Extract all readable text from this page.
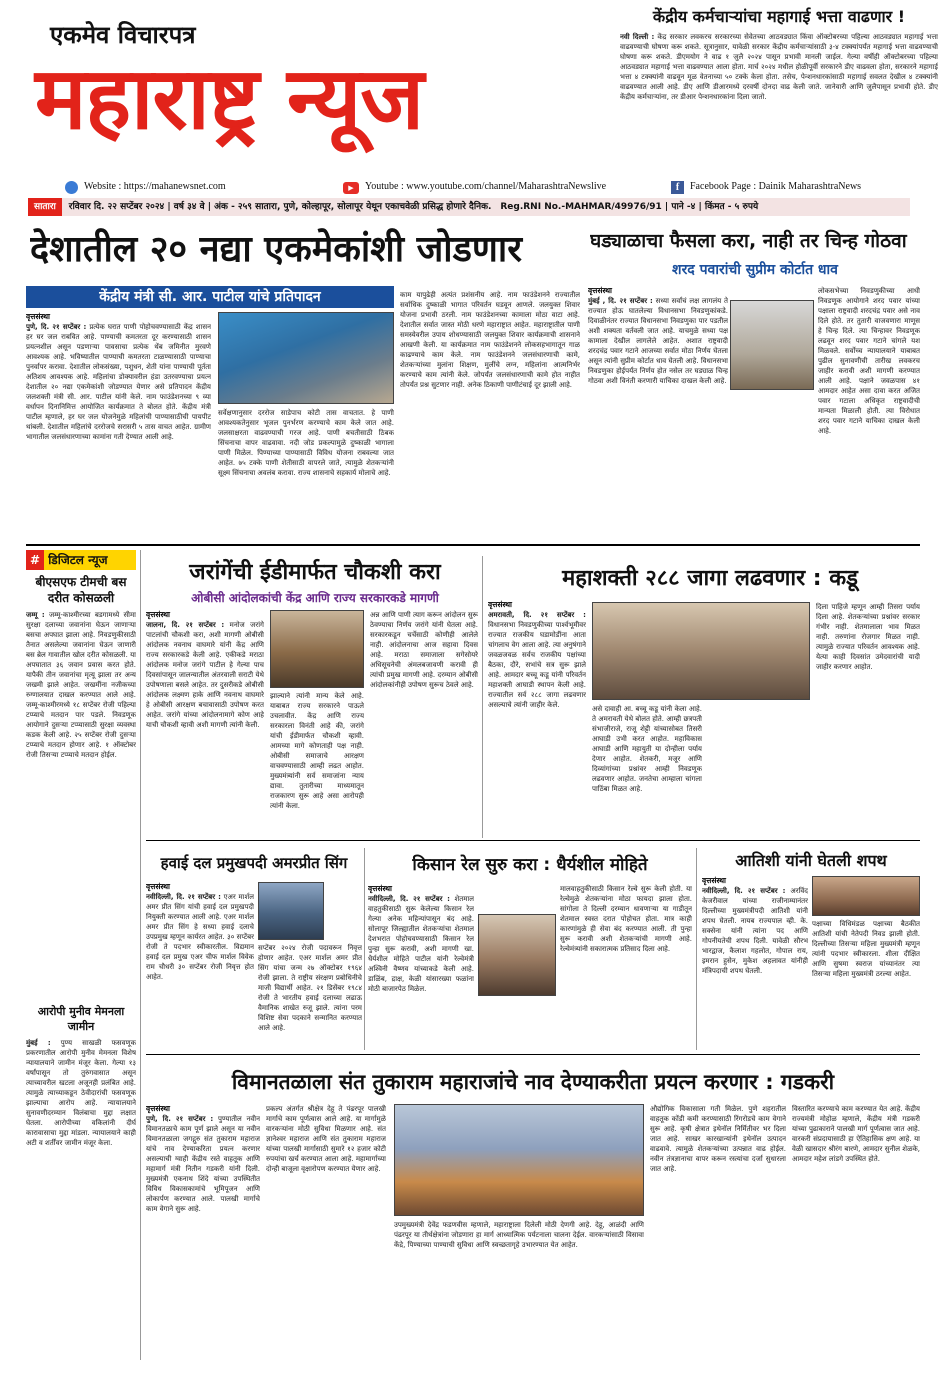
एकमेव विचारपत्र
महाराष्ट्र न्यूज
केंद्रीय कर्मचाऱ्यांचा महागाई भत्ता वाढणार !
नवी दिल्ली : केंद्र सरकार लवकरच सरकारच्या सेवेतच्या आठवड्यात किंवा ऑक्टोबरच्या पहिल्या आठवड्यात महागाई भत्ता वाढवण्याची घोषणा करू शकते. सूत्रानुसार, यावेळी सरकार केंद्रीय कर्मचाऱ्यांसाठी ३-४ टक्क्यांपर्यंत महागाई भत्ता वाढवण्याची घोषणा करू शकते. डीएमयोग ने वाढ १ जुलै २०२४ पासून प्रभावी मानली जाईल. गेल्या वर्षीही ऑक्टोबरच्या पहिल्या आठवड्यात महागाई भत्ता वाढवण्यात आला होता. मार्च २०२४ मधील होळीपूर्वी सरकारने डीए वाढवला होता, सरकारने महागाई भत्ता ४ टक्क्यांनी वाढवून मूळ वेतनाच्या ५० टक्के केला होता. तसेच, पेन्शनधारकांसाठी महागाई सवलत देखील ४ टक्क्यांनी वाढवण्यात आली आहे. डीए आणि डीआरमध्ये दरवर्षी दोनदा वाढ केली जाते. जानेवारी आणि जुलैपासून प्रभावी होते. डीए केंद्रीय कर्मचाऱ्यांना, तर डीआर पेन्शनधारकांना दिला जातो.
Website : https://mahanewsnet.com	▶	Youtube : www.youtube.com/channel/MaharashtraNewslive	f	Facebook Page : Dainik MaharashtraNews
सातारा रविवार दि. २२ सप्टेंबर २०२४ | वर्ष ३४ वे | अंक - २५९ सातारा, पुणे, कोल्हापूर, सोलापूर येथून एकाचवेळी प्रसिद्ध होणारे दैनिक. Reg.RNI No.-MAHMAR/49976/91 | पाने -४ | किंमत - ५ रुपये
देशातील २० नद्या एकमेकांशी जोडणार
केंद्रीय मंत्री सी. आर. पाटील यांचे प्रतिपादन
वृत्तसंस्था
पुणे, दि. २१ सप्टेंबर : प्रत्येक घरात पाणी पोहोचवण्यासाठी केंद्र शासन हर घर जल राबवित आहे. पाण्याची कमतरता दूर करण्यासाठी शासन प्रयत्नशील असून पडणाऱ्या पावसाचा प्रत्येक थेंब जमिनीत मुरवणे आवश्यक आहे. भविष्यातील पाण्याची कमतरता टाळण्यासाठी पाण्याचा पुनर्वापर करावा. देशातील लोकसंख्या, पशुधन, शेती यांना पाण्याची पूर्तता अतिशय आवश्यक आहे. महिलांचा डोक्यावरील हंडा उतरवण्याचा प्रयत्न देशातील २० नद्या एकमेकांशी जोडण्यात येणार असे प्रतिपादन केंद्रीय जलशक्ती मंत्री सी. आर. पाटील यांनी केले. नाम फाउंडेशनच्या ९ व्या वर्धापन दिनानिमित्त आयोजित कार्यक्रमात ते बोलत होते. केंद्रीय मंत्री पाटील म्हणाले, हर घर जल योजनेमुळे महिलांची पाण्यासाठीची पायपीट थांबली. देशातील महिलांचे दररोजचे सरासरी ५ तास वाचत आहेत. ग्रामीण भागातील जलसंधारणाच्या कामांना गती देण्यात आली आहे.
सर्वेक्षणानुसार दररोज साडेपाच कोटी तास वाचतात. हे पाणी आवश्यकतेनुसार भूजल पुनर्भरण करण्याचे काम केले जात आहे. जलसाक्षरता वाढवण्याची गरज आहे. पाणी बचतीसाठी ठिबक सिंचनाचा वापर वाढवावा. नदी जोड प्रकल्पामुळे दुष्काळी भागाला पाणी मिळेल. पिण्याच्या पाण्यासाठी विविध योजना राबवल्या जात आहेत. ७५ टक्के पाणी शेतीसाठी वापरले जाते, त्यामुळे शेतकऱ्यांनी सूक्ष्म सिंचनाचा अवलंब करावा. राज्य शासनाचे सहकार्य मोलाचे आहे.
काम यापुढेही अत्यंत प्रशंसनीय आहे. नाम फाउंडेशनने राज्यातील सर्वाधिक दुष्काळी भागात परिवर्तन घडवून आणले. जलयुक्त शिवार योजना प्रभावी ठरली. नाम फाउंडेशनच्या कामाला मोठा वाटा आहे. देशातील सर्वात जास्त मोठी धरणे महाराष्ट्रात आहेत. महाराष्ट्रातील पाणी समस्येवरील उपाय शोधण्यासाठी जलयुक्त शिवार कार्यक्रमाची शासनाने आखणी केली. या कार्यक्रमात नाम फाउंडेशनने लोकसहभागातून गाळ काढण्याचे काम केले. नाम फाउंडेशनने जलसंधारणाची कामे, शेतकऱ्यांच्या मुलांना शिक्षण, मुलींचे लग्न, महिलांना आत्मनिर्भर करण्याचे काम त्यांनी केले. जोपर्यंत जलसंधारणाची कामे होत नाहीत तोपर्यंत प्रश्न सुटणार नाही. अनेक ठिकाणी पाणीटंचाई दूर झाली आहे.
घड्याळाचा फैसला करा, नाही तर चिन्ह गोठवा
शरद पवारांची सुप्रीम कोर्टात धाव
वृत्तसंस्था
मुंबई , दि. २१ सप्टेंबर : सध्या सर्वांचं लक्ष लागलंय ते राज्यात होऊ घातलेल्या विधानसभा निवडणुकांकडे. दिवाळीनंतर राज्यात विधानसभा निवडणुका पार पडतील अशी शक्यता वर्तवली जात आहे. याचमुळे सध्या पक्ष कामाला देखील लागलेले आहेत. अशात राष्ट्रवादी शरदचंद्र पवार गटाने आजच्या सर्वात मोठा निर्णय घेतला असून त्यांनी सुप्रीम कोर्टात धाव घेतली आहे. विधानसभा निवडणुका होईपर्यंत निर्णय होत नसेल तर घड्याळ चिन्ह गोठवा अशी विनंती करणारी याचिका दाखल केली आहे.
लोकसभेच्या निवडणुकीच्या आधी निवडणूक आयोगाने शरद पवार यांच्या पक्षाला राष्ट्रवादी शरदचंद्र पवार असे नाव दिले होते. तर तुतारी वाजवणारा माणूस हे चिन्ह दिले. त्या चिन्हावर निवडणूक लढवून शरद पवार गटाने चांगले यश मिळवले. सर्वोच्च न्यायालयाने याबाबत पुढील सुनावणीची तारीख लवकरच जाहीर करावी अशी मागणी करण्यात आली आहे. पक्षाने जवळपास ४१ आमदार आहेत असा दावा करत अजित पवार गटाला अधिकृत राष्ट्रवादीची मान्यता मिळाली होती. त्या विरोधात शरद पवार गटाने याचिका दाखल केली आहे.
# डिजिटल न्यूज
बीएसएफ टीमची बस दरीत कोसळली
जम्मू : जम्मू-काश्मीरच्या बडगामध्ये सीमा सुरक्षा दलाच्या जवानांना घेऊन जाणाऱ्या बसचा अपघात झाला आहे. निवडणुकीसाठी तैनात असलेल्या जवानांना घेऊन जाणारी बस ब्रेल गावातील खोल दरीत कोसळली. या अपघातात ३६ जवान प्रवास करत होते. यापैकी तीन जवानांचा मृत्यू झाला तर अन्य जखमी झाले आहेत. जखमींना नजीकच्या रुग्णालयात दाखल करण्यात आले आहे. जम्मू-काश्मीरमध्ये १८ सप्टेंबर रोजी पहिल्या टप्प्याचे मतदान पार पडले. निवडणूक आयोगाने दुसऱ्या टप्प्यासाठी सुरक्षा व्यवस्था कडक केली आहे. २५ सप्टेंबर रोजी दुसऱ्या टप्प्याचे मतदान होणार आहे. १ ऑक्टोबर रोजी तिसऱ्या टप्प्याचे मतदान होईल.
आरोपी मुनीव मेमनला जामीन
मुंबई : पुण्य साखळी फसवणूक प्रकरणातील आरोपी मुनीव मेमनला विशेष न्यायालयाने जामीन मंजूर केला. गेल्या १३ वर्षांपासून तो तुरुंगवासात असून त्याच्यावरील खटला अजूनही प्रलंबित आहे. त्यामुळे त्याच्याकडून ठेवीदारांची फसवणूक झाल्याचा आरोप आहे. न्यायालयाने सुनावणीदरम्यान विलंबाचा मुद्दा लक्षात घेतला. आरोपीच्या वकिलांनी दीर्घ कारावासाचा मुद्दा मांडला. न्यायालयाने काही अटी व शर्तींवर जामीन मंजूर केला.
जरांगेंची ईडीमार्फत चौकशी करा
ओबीसी आंदोलकांची केंद्र आणि राज्य सरकारकडे मागणी
वृत्तसंस्था
जालना, दि. २१ सप्टेंबर : मनोज जरांगे पाटलांची चौकशी करा, अशी मागणी ओबीसी आंदोलक नवनाथ वाघमारे यांनी केंद्र आणि राज्य सरकारकडे केली आहे. एकीकडे मराठा आंदोलक मनोज जरांगे पाटील हे गेल्या पाच दिवसांपासून जालन्यातील अंतरवाली सराटी येथे उपोषणाला बसले आहेत. तर दुसरीकडे ओबीसी आंदोलक लक्ष्मण हाके आणि नवनाथ वाघमारे हे ओबीसी आरक्षण बचावासाठी उपोषण करत आहेत. जरांगे यांच्या आंदोलनामागे कोण आहे याची चौकशी व्हावी अशी मागणी त्यांनी केली.
झाल्याने त्यांनी मान्य केले आहे. याबाबत राज्य सरकारने पाऊले उचलावीत. केंद्र आणि राज्य सरकारला विनंती आहे की, जरांगे यांची ईडीमार्फत चौकशी व्हावी. आमच्या मागे कोणताही पक्ष नाही. ओबीसी समाजाचे आरक्षण वाचवण्यासाठी आम्ही लढत आहोत. मुख्यमंत्र्यांनी सर्व समाजांना न्याय द्यावा. तुतारीच्या माध्यमातून राजकारण सुरू आहे असा आरोपही त्यांनी केला.
अन्न आणि पाणी त्याग करून आंदोलन सुरू ठेवण्याचा निर्णय जरांगे यांनी घेतला आहे. सरकारकडून चर्चेसाठी कोणीही आलेले नाही. आंदोलनाचा आज सहावा दिवस आहे. मराठा समाजाला सगेसोयरे अधिसूचनेची अंमलबजावणी करावी ही त्यांची प्रमुख मागणी आहे. दरम्यान ओबीसी आंदोलकांनीही उपोषण सुरूच ठेवले आहे.
महाशक्ती २८८ जागा लढवणार : कडू
वृत्तसंस्था
अमरावती, दि. २१ सप्टेंबर : विधानसभा निवडणुकीच्या पार्श्वभूमीवर राज्यात राजकीय घडामोडींना आता चांगलाच वेग आला आहे. त्या अनुषंगाने जवळजवळ सर्वच राजकीय पक्षांच्या बैठका, दौरे, सभांचे सत्र सुरू झाले आहे. आमदार बच्चू कडू यांनी परिवर्तन महाशक्ती आघाडी स्थापन केली आहे. राज्यातील सर्व २८८ जागा लढवणार असल्याचे त्यांनी जाहीर केले.	असे दावाही आ. बच्चू कडू यांनी केला आहे. ते अमरावती येथे बोलत होते. आम्ही छत्रपती संभाजीराजे, राजू शेट्टी यांच्यासोबत तिसरी आघाडी उभी करत आहोत. महाविकास आघाडी आणि महायुती या दोन्हीला पर्याय देणार आहोत. शेतकरी, मजूर आणि दिव्यांगांच्या प्रश्नांवर आम्ही निवडणूक लढवणार आहोत. जनतेचा आम्हाला चांगला पाठिंबा मिळत आहे.
दिला पाहिजे म्हणून आम्ही तिसरा पर्याय दिला आहे. शेतकऱ्यांच्या प्रश्नांवर सरकार गंभीर नाही. शेतमालाला भाव मिळत नाही. तरुणांना रोजगार मिळत नाही. त्यामुळे राज्यात परिवर्तन आवश्यक आहे. येत्या काही दिवसांत उमेदवारांची यादी जाहीर करणार आहोत.
हवाई दल प्रमुखपदी अमरप्रीत सिंग
वृत्तसंस्था
नवीदिल्ली, दि. २१ सप्टेंबर : एअर मार्शल अमर प्रीत सिंग यांची हवाई दल प्रमुखपदी नियुक्ती करण्यात आली आहे. एअर मार्शल अमर प्रीत सिंग हे सध्या हवाई दलाचे उपप्रमुख म्हणून कार्यरत आहेत. ३० सप्टेंबर रोजी ते पदभार स्वीकारतील. विद्यमान हवाई दल प्रमुख एअर चीफ मार्शल विवेक राम चौधरी ३० सप्टेंबर रोजी निवृत्त होत आहेत.
सप्टेंबर २०२४ रोजी पदावरून निवृत्त होणार आहेत. एअर मार्शल अमर प्रीत सिंग यांचा जन्म २७ ऑक्टोबर १९६४ रोजी झाला. ते राष्ट्रीय संरक्षण प्रबोधिनीचे माजी विद्यार्थी आहेत. २१ डिसेंबर १९८४ रोजी ते भारतीय हवाई दलाच्या लढाऊ वैमानिक शाखेत रुजू झाले. त्यांना परम विशिष्ट सेवा पदकाने सन्मानित करण्यात आले आहे.
किसान रेल सुरु करा : धैर्यशील मोहिते
वृत्तसंस्था
नवीदिल्ली, दि. २१ सप्टेंबर : शेतमाल वाहतुकीसाठी सुरू केलेल्या किसान रेल गेल्या अनेक महिन्यांपासून बंद आहे. सोलापूर जिल्ह्यातील शेतकऱ्यांचा शेतमाल देशभरात पोहोचवण्यासाठी किसान रेल पुन्हा सुरू करावी, अशी मागणी खा. धैर्यशील मोहिते पाटील यांनी रेल्वेमंत्री अश्विनी वैष्णव यांच्याकडे केली आहे. डाळिंब, द्राक्ष, केळी यांसारख्या फळांना मोठी बाजारपेठ मिळेल.
मालवाहतुकीसाठी किसान रेल्वे सुरू केली होती. या रेल्वेमुळे शेतकऱ्यांना मोठा फायदा झाला होता. सांगोला ते दिल्ली दरम्यान धावणाऱ्या या गाडीतून शेतमाल स्वस्त दरात पोहोचत होता. मात्र काही कारणांमुळे ही सेवा बंद करण्यात आली. ती पुन्हा सुरू करावी अशी शेतकऱ्यांची मागणी आहे. रेल्वेमंत्र्यांनी सकारात्मक प्रतिसाद दिला आहे.
आतिशी यांनी घेतली शपथ
वृत्तसंस्था
नवीदिल्ली, दि. २१ सप्टेंबर : अरविंद केजरीवाल यांच्या राजीनाम्यानंतर दिल्लीच्या मुख्यमंत्रीपदी आतिशी यांनी शपथ घेतली. नायब राज्यपाल व्ही. के. सक्सेना यांनी त्यांना पद आणि गोपनीयतेची शपथ दिली. यावेळी सौरभ भारद्वाज, कैलाश गहलोत, गोपाल राय, इमरान हुसेन, मुकेश अहलावत यांनीही मंत्रिपदाची शपथ घेतली.
पक्षाच्या विधिमंडळ पक्षाच्या बैठकीत आतिशी यांची नेतेपदी निवड झाली होती. दिल्लीच्या तिसऱ्या महिला मुख्यमंत्री म्हणून त्यांनी पदभार स्वीकारला. शीला दीक्षित आणि सुषमा स्वराज यांच्यानंतर त्या तिसऱ्या महिला मुख्यमंत्री ठरल्या आहेत.
विमानतळाला संत तुकाराम महाराजांचे नाव देण्याकरीता प्रयत्न करणार : गडकरी
वृत्तसंस्था
पुणे, दि. २१ सप्टेंबर : पुण्यातील नवीन विमानतळाचे काम पूर्ण झाले असून या नवीन विमानतळाला जगद्गुरु संत तुकाराम महाराज यांचे नाव देण्याकरिता प्रयत्न करणार असल्याची ग्वाही केंद्रीय रस्ते वाहतूक आणि महामार्ग मंत्री नितीन गडकरी यांनी दिली. मुख्यमंत्री एकनाथ शिंदे यांच्या उपस्थितीत विविध विकासकामांचे भूमिपूजन आणि लोकार्पण करण्यात आले. पालखी मार्गाचे काम वेगाने सुरू आहे.
प्रकल्प अंतर्गत श्रीक्षेत्र देहू ते पंढरपूर पालखी मार्गाचे काम पूर्णत्वास आले आहे. या मार्गामुळे वारकऱ्यांना मोठी सुविधा मिळणार आहे. संत ज्ञानेश्वर महाराज आणि संत तुकाराम महाराज यांच्या पालखी मार्गासाठी सुमारे १२ हजार कोटी रुपयांचा खर्च करण्यात आला आहे. महामार्गाच्या दोन्ही बाजूला वृक्षारोपण करण्यात येणार आहे.
उपमुख्यमंत्री देवेंद्र फडणवीस म्हणाले, महाराष्ट्राला दिलेली मोठी देणगी आहे. देहू, आळंदी आणि पंढरपूर या तीर्थक्षेत्रांना जोडणारा हा मार्ग आध्यात्मिक पर्यटनाला चालना देईल. वारकऱ्यांसाठी विसावा केंद्रे, पिण्याच्या पाण्याची सुविधा आणि स्वच्छतागृहे उभारण्यात येत आहेत.
औद्योगिक विकासाला गती मिळेल. पुणे शहरातील वाहतूक कोंडी कमी करण्यासाठी रिंगरोडचे काम वेगाने सुरू आहे. कृषी क्षेत्रात इथेनॉल निर्मितीवर भर दिला जात आहे. साखर कारखान्यांनी इथेनॉल उत्पादन वाढवावे. त्यामुळे शेतकऱ्यांच्या उत्पन्नात वाढ होईल. नवीन तंत्रज्ञानाचा वापर करून रस्त्यांचा दर्जा सुधारला जात आहे.
विस्तारित करण्याचे काम करण्यात येत आहे. केंद्रीय राज्यमंत्री मोहोळ म्हणाले, केंद्रीय मंत्री गडकरी यांच्या पुढाकाराने पालखी मार्ग पूर्णत्वास जात आहे. वारकरी संप्रदायासाठी हा ऐतिहासिक क्षण आहे. या वेळी खासदार श्रीरंग बारणे, आमदार सुनील शेळके, आमदार महेश लांडगे उपस्थित होते.
